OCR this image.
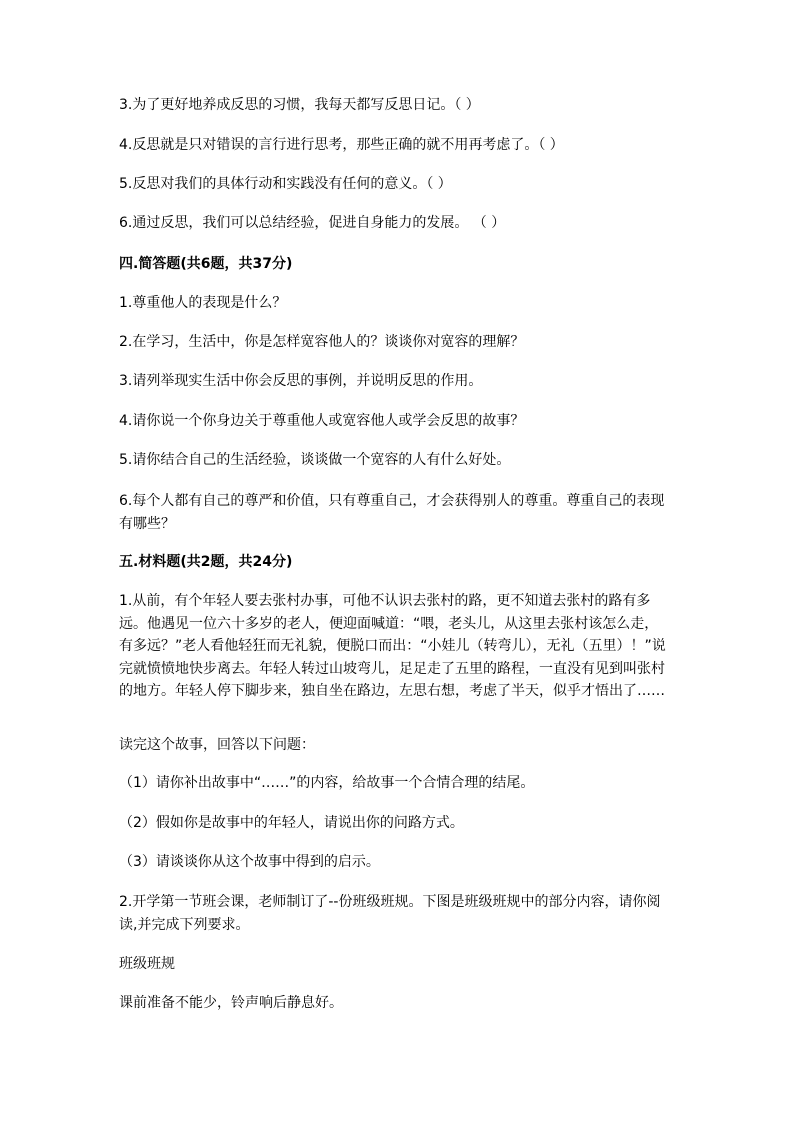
3.为了更好地养成反思的习惯，我每天都写反思日记。（ ）
4.反思就是只对错误的言行进行思考，那些正确的就不用再考虑了。（ ）
5.反思对我们的具体行动和实践没有任何的意义。（ ）
6.通过反思，我们可以总结经验，促进自身能力的发展。 （ ）
四.简答题(共6题，共37分)
1.尊重他人的表现是什么？
2.在学习，生活中，你是怎样宽容他人的？谈谈你对宽容的理解？
3.请列举现实生活中你会反思的事例，并说明反思的作用。
4.请你说一个你身边关于尊重他人或宽容他人或学会反思的故事？
5.请你结合自己的生活经验，谈谈做一个宽容的人有什么好处。
6.每个人都有自己的尊严和价值，只有尊重自己，才会获得别人的尊重。尊重自己的表现有哪些？
五.材料题(共2题，共24分)
1.从前，有个年轻人要去张村办事，可他不认识去张村的路，更不知道去张村的路有多远。他遇见一位六十多岁的老人，便迎面喊道：“喂，老头儿，从这里去张村该怎么走，有多远？”老人看他轻狂而无礼貌，便脱口而出：“小娃儿（转弯儿），无礼（五里）！”说完就愤愤地快步离去。年轻人转过山坡弯儿，足足走了五里的路程，一直没有见到叫张村的地方。年轻人停下脚步来，独自坐在路边，左思右想，考虑了半天，似乎才悟出了……
读完这个故事，回答以下问题：
（1）请你补出故事中“……”的内容，给故事一个合情合理的结尾。
（2）假如你是故事中的年轻人，请说出你的问路方式。
（3）请谈谈你从这个故事中得到的启示。
2.开学第一节班会课，老师制订了--份班级班规。下图是班级班规中的部分内容，请你阅读,并完成下列要求。
班级班规
课前准备不能少，铃声响后静息好。
